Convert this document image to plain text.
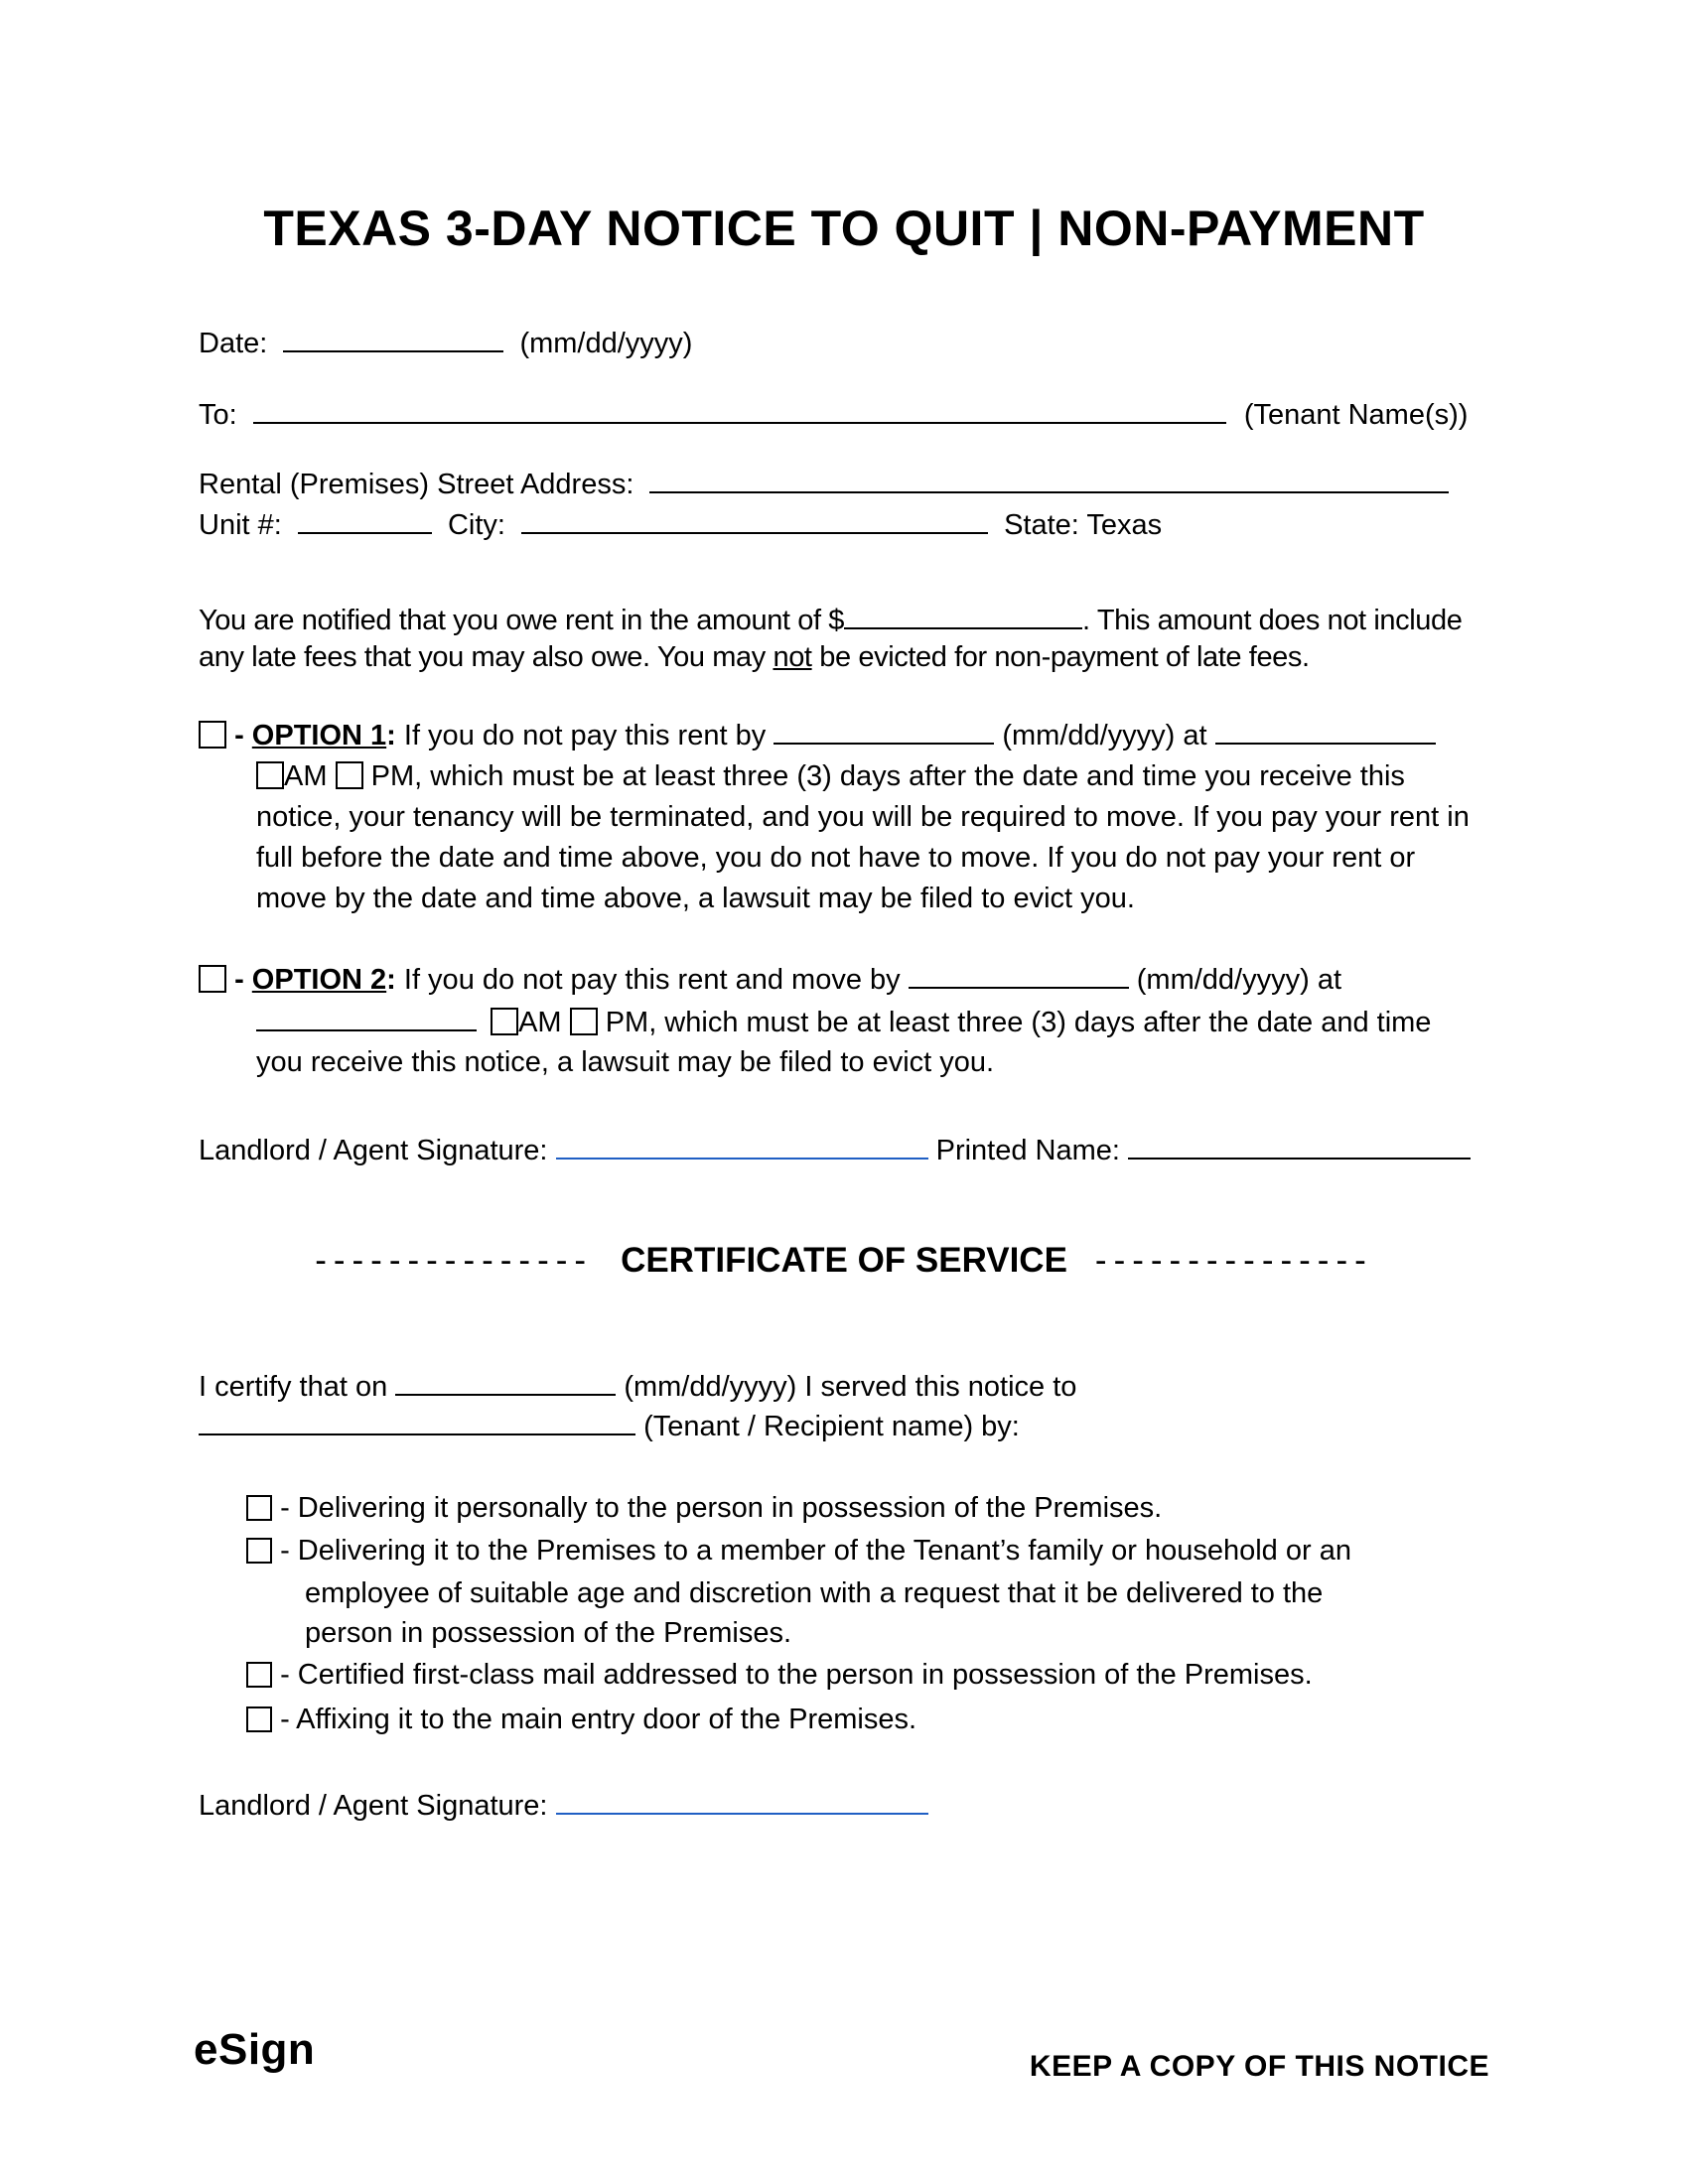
TEXAS 3-DAY NOTICE TO QUIT | NON-PAYMENT
Date:	(mm/dd/yyyy)
To:	(Tenant Name(s))
Rental (Premises) Street Address:
Unit #:	City:	State: Texas
You are notified that you owe rent in the amount of $	. This amount does not include
any late fees that you may also owe. You may not be evicted for non-payment of late fees.
- OPTION 1: If you do not pay this rent by	(mm/dd/yyyy) at
AM PM, which must be at least three (3) days after the date and time you receive this
notice, your tenancy will be terminated, and you will be required to move. If you pay your rent in
full before the date and time above, you do not have to move. If you do not pay your rent or
move by the date and time above, a lawsuit may be filed to evict you.
- OPTION 2: If you do not pay this rent and move by	(mm/dd/yyyy) at
AM PM, which must be at least three (3) days after the date and time
you receive this notice, a lawsuit may be filed to evict you.
Landlord / Agent Signature:	Printed Name:
--------------- CERTIFICATE OF SERVICE ---------------
I certify that on	(mm/dd/yyyy) I served this notice to
(Tenant / Recipient name) by:
- Delivering it personally to the person in possession of the Premises.
- Delivering it to the Premises to a member of the Tenant’s family or household or an
employee of suitable age and discretion with a request that it be delivered to the
person in possession of the Premises.
- Certified first-class mail addressed to the person in possession of the Premises.
- Affixing it to the main entry door of the Premises.
Landlord / Agent Signature:
eSign	KEEP A COPY OF THIS NOTICE
